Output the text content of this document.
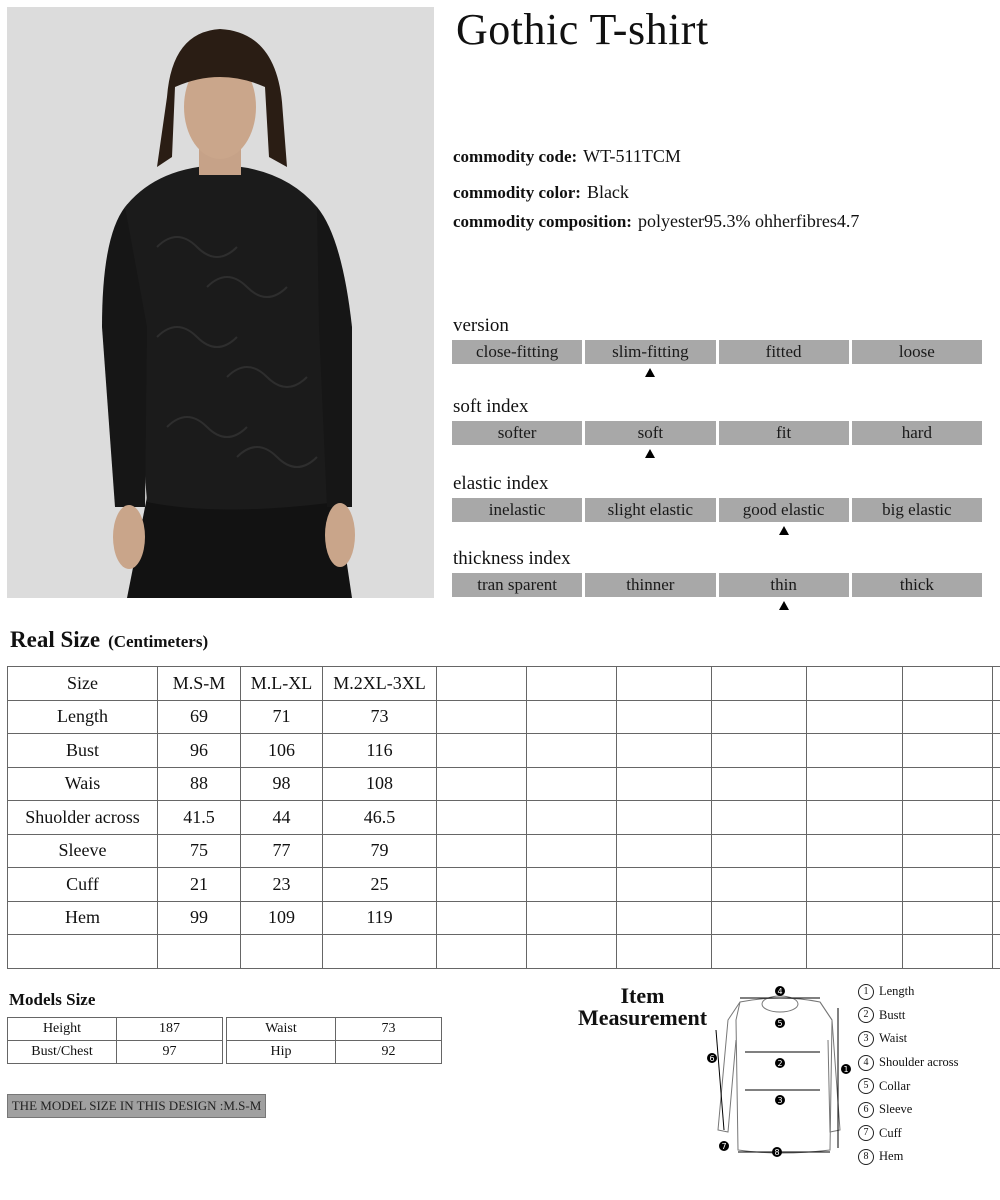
Gothic T-shirt
commodity code: WT-511TCM
commodity color: Black
commodity composition: polyester95.3% ohherfibres4.7
version
close-fitting	slim-fitting	fitted	loose
soft index
softer	soft	fit	hard
elastic index
inelastic	slight elastic	good elastic	big elastic
thickness index
tran sparent	thinner	thin	thick
Real Size (Centimeters)
Size	M.S-M	M.L-XL	M.2XL-3XL							
Length	69	71	73							
Bust	96	106	116							
Wais	88	98	108							
Shuolder across	41.5	44	46.5							
Sleeve	75	77	79							
Cuff	21	23	25							
Hem	99	109	119							

Models Size
Height	187
Bust/Chest	97
Waist	73
Hip	92
THE MODEL SIZE IN THIS DESIGN :M.S-M
Item
Measurement
4
5
2
3
1
6
7
8
1 Length
2 Bustt
3 Waist
4 Shoulder across
5 Collar
6 Sleeve
7 Cuff
8 Hem
